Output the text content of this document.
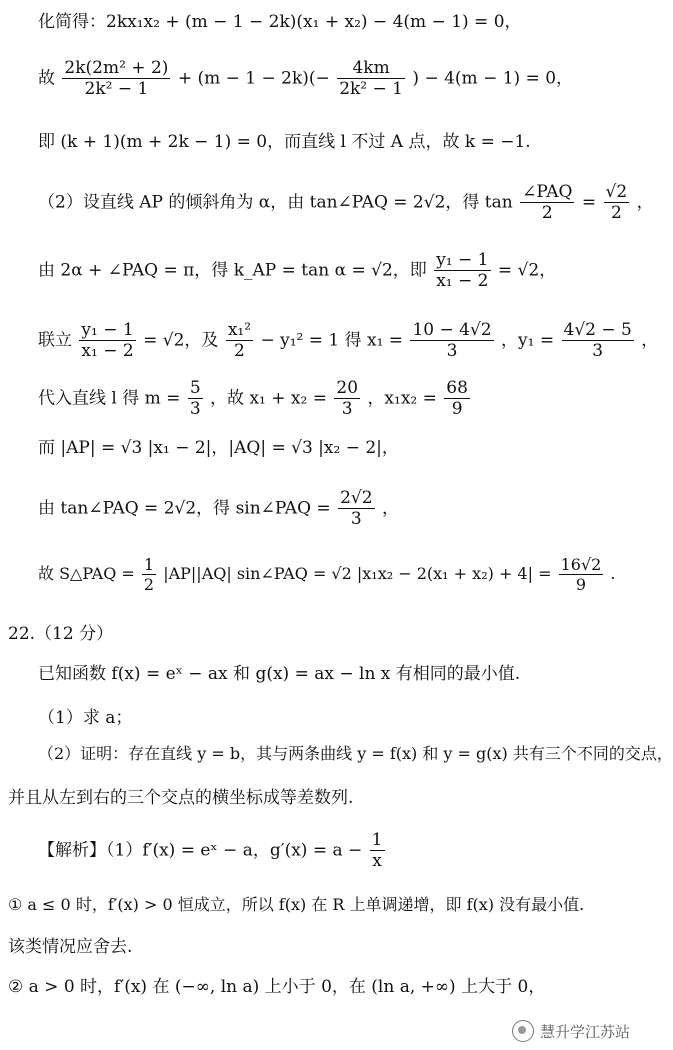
化简得：2kx₁x₂ + (m − 1 − 2k)(x₁ + x₂) − 4(m − 1) = 0，
故 $\frac{\text{2k(2m² + 2)}}{\text{2k² − 1}} + (m - 1 - 2k)(- \frac{4km}{\text{2k² − 1}}$ ) − 4(m − 1) = 0，
即 (k + 1)(m + 2k − 1) = 0，而直线 l 不过 A 点，故 k = −1.
（2）设直线 AP 的倾斜角为 α，由 tan∠PAQ = 2√2，得 $\tan \frac{\text{∠PAQ}}{2} = \frac{√2}{2}$ ，
由 2α + ∠PAQ = π，得 k_AP = tan α = √2，即 $\frac{\text{y₁ − 1}}{\text{x₁ − 2}} = √2$，
联立 $\frac{\text{y₁ − 1}}{\text{x₁ − 2}} = √2$，及 $\frac{\text{x₁²}}{2} - y_1^2 = 1$ 得 $x_1 = \frac{10 - 4√2}{3}$ ，$y_1 = \frac{4√2 - 5}{3}$ ，
代入直线 l 得 $m = \frac{5}{3}$ ，故 $x_1 + x_2 = \frac{20}{3}$ ，$x_1x_2 = \frac{68}{9}$
而 |AP| = √3 |x₁ − 2|，|AQ| = √3 |x₂ − 2|，
由 tan∠PAQ = 2√2，得 sin∠PAQ = $\frac{2√2}{3}$ ，
故 S△PAQ = $\frac{1}{2} |AP||AQ|$ sin∠PAQ = √2 $|x_1x_2 - 2(x_1 + x_2) + 4| = \frac{16√2}{9}$ .
22.（12 分）
已知函数 f(x) = eˣ − ax 和 g(x) = ax − ln x 有相同的最小值.
（1）求 a；
（2）证明：存在直线 y = b，其与两条曲线 y = f(x) 和 y = g(x) 共有三个不同的交点，
并且从左到右的三个交点的横坐标成等差数列.
【解析】（1）f′(x) = eˣ − a，$g'(x) = a - \frac{1}{x}$
① a ≤ 0 时，f′(x) > 0 恒成立，所以 f(x) 在 R 上单调递增，即 f(x) 没有最小值.
该类情况应舍去.
② a > 0 时，f′(x) 在 (−∞, ln a) 上小于 0，在 (ln a, +∞) 上大于 0，
慧升学江苏站
